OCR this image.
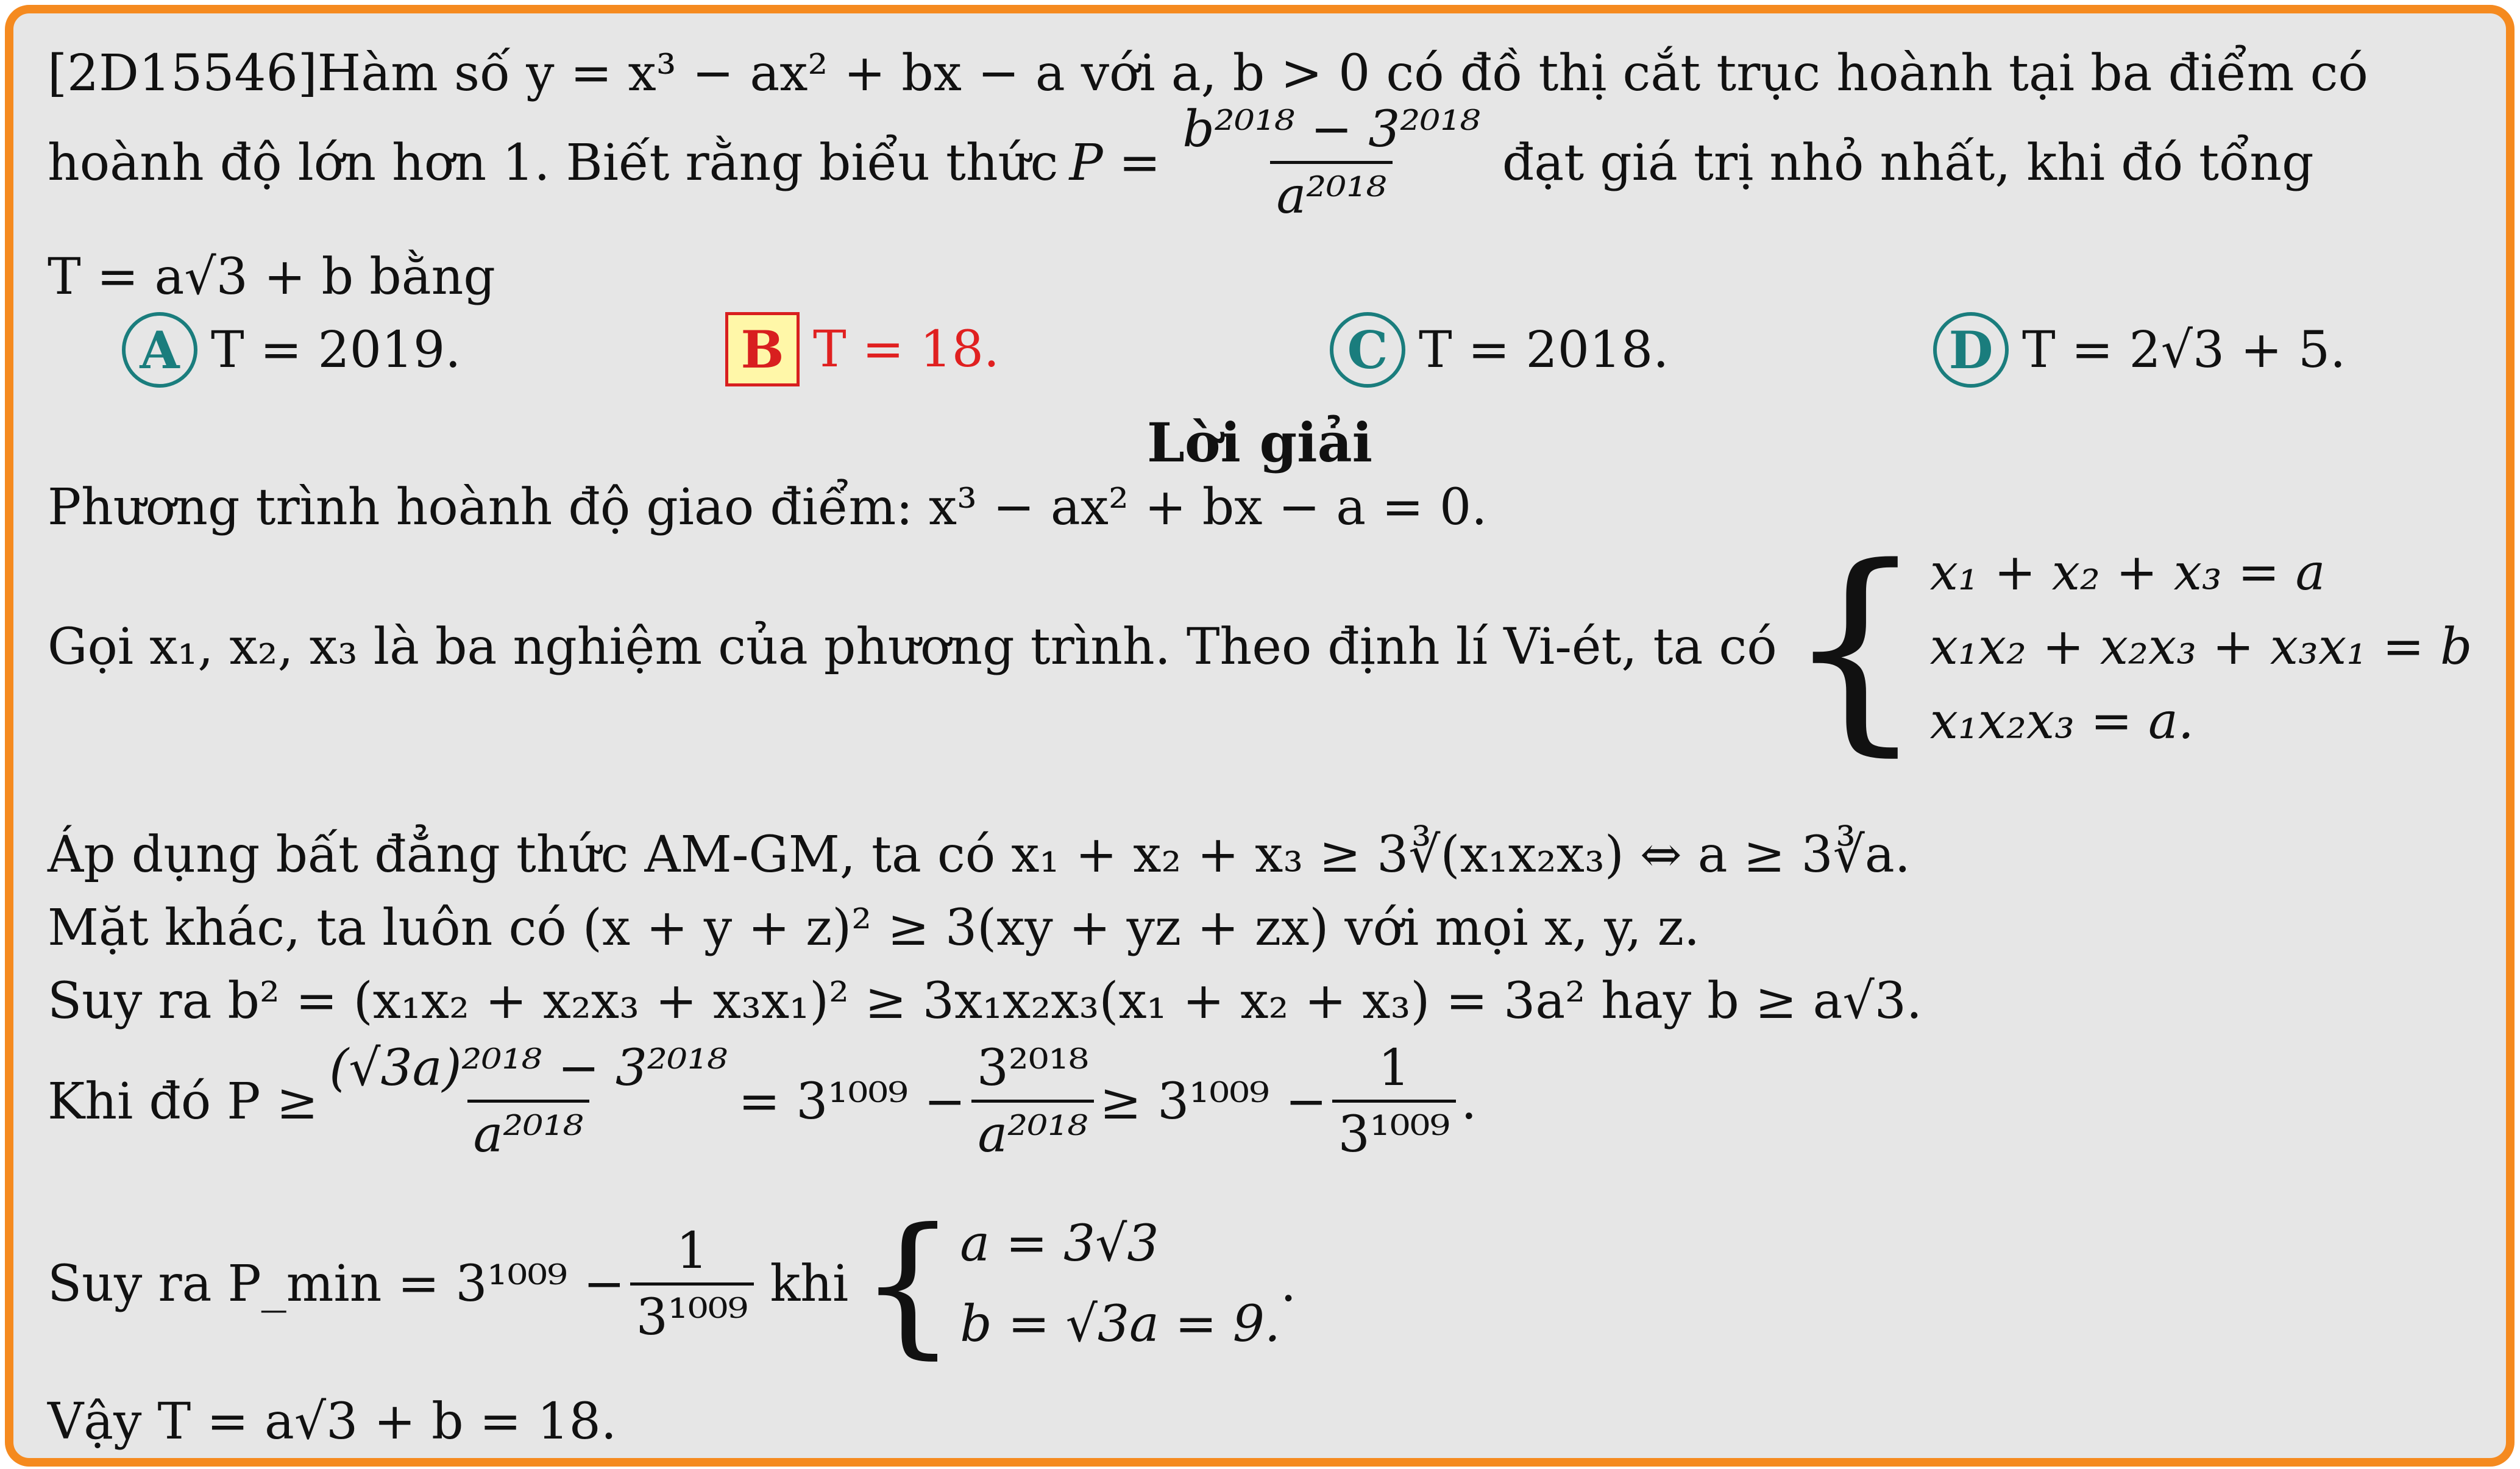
[2D15546]Hàm số y = x³ − ax² + bx − a với a, b > 0 có đồ thị cắt trục hoành tại ba điểm có
hoành độ lớn hơn 1. Biết rằng biểu thức $P = \frac{\text{b²⁰¹⁸ − 3²⁰¹⁸}}{\text{a²⁰¹⁸}}$ đạt giá trị nhỏ nhất, khi đó tổng
T = a√3 + b bằng
A T = 2019.	B T = 18.	C T = 2018.	D T = 2√3 + 5.
Lời giải
Phương trình hoành độ giao điểm: x³ − ax² + bx − a = 0.
Gọi x₁, x₂, x₃ là ba nghiệm của phương trình. Theo định lí Vi-ét, ta có { x₁ + x₂ + x₃ = a
x₁x₂ + x₂x₃ + x₃x₁ = b
x₁x₂x₃ = a.
Áp dụng bất đẳng thức AM-GM, ta có x₁ + x₂ + x₃ ≥ 3∛(x₁x₂x₃) ⇔ a ≥ 3∛a.
Mặt khác, ta luôn có (x + y + z)² ≥ 3(xy + yz + zx) với mọi x, y, z.
Suy ra b² = (x₁x₂ + x₂x₃ + x₃x₁)² ≥ 3x₁x₂x₃(x₁ + x₂ + x₃) = 3a² hay b ≥ a√3.
Khi đó $P \ge \frac{\text{(√3a)²⁰¹⁸ − 3²⁰¹⁸}}{\text{a²⁰¹⁸}} = 3^{1009} - \frac{\text{3²⁰¹⁸}}{\text{a²⁰¹⁸}} \ge 3^{1009} - \frac{1}{\text{3¹⁰⁰⁹}}$ .
Suy ra P_min = $3^{1009} - \frac{1}{\text{3¹⁰⁰⁹}}$ khi { a = 3√3
b = √3a = 9.
.
Vậy T = a√3 + b = 18.
